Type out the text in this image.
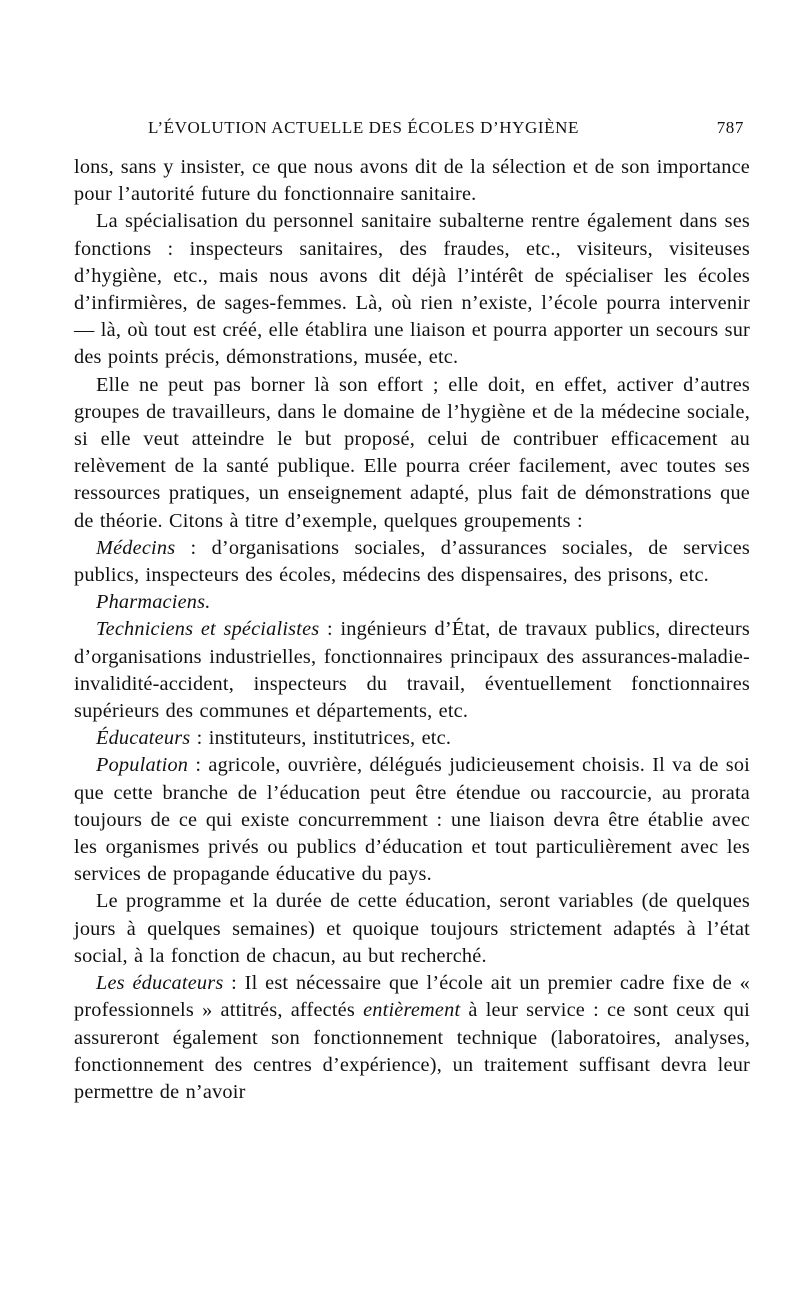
L’ÉVOLUTION ACTUELLE DES ÉCOLES D’HYGIÈNE	787

lons, sans y insister, ce que nous avons dit de la sélection et de son importance pour l’autorité future du fonctionnaire sanitaire.

La spécialisation du personnel sanitaire subalterne rentre également dans ses fonctions : inspecteurs sanitaires, des fraudes, etc., visiteurs, visiteuses d’hygiène, etc., mais nous avons dit déjà l’intérêt de spécialiser les écoles d’infirmières, de sages-femmes. Là, où rien n’existe, l’école pourra intervenir — là, où tout est créé, elle établira une liaison et pourra apporter un secours sur des points précis, démonstrations, musée, etc.

Elle ne peut pas borner là son effort ; elle doit, en effet, activer d’autres groupes de travailleurs, dans le domaine de l’hygiène et de la médecine sociale, si elle veut atteindre le but proposé, celui de contribuer efficacement au relèvement de la santé publique. Elle pourra créer facilement, avec toutes ses ressources pratiques, un enseignement adapté, plus fait de démonstrations que de théorie. Citons à titre d’exemple, quelques groupements :

Médecins : d’organisations sociales, d’assurances sociales, de services publics, inspecteurs des écoles, médecins des dispensaires, des prisons, etc.

Pharmaciens.

Techniciens et spécialistes : ingénieurs d’État, de travaux publics, directeurs d’organisations industrielles, fonctionnaires principaux des assurances-maladie-invalidité-accident, inspecteurs du travail, éventuellement fonctionnaires supérieurs des communes et départements, etc.

Éducateurs : instituteurs, institutrices, etc.

Population : agricole, ouvrière, délégués judicieusement choisis. Il va de soi que cette branche de l’éducation peut être étendue ou raccourcie, au prorata toujours de ce qui existe concurremment : une liaison devra être établie avec les organismes privés ou publics d’éducation et tout particulièrement avec les services de propagande éducative du pays.

Le programme et la durée de cette éducation, seront variables (de quelques jours à quelques semaines) et quoique toujours strictement adaptés à l’état social, à la fonction de chacun, au but recherché.

Les éducateurs : Il est nécessaire que l’école ait un premier cadre fixe de « professionnels » attitrés, affectés entièrement à leur service : ce sont ceux qui assureront également son fonctionnement technique (laboratoires, analyses, fonctionnement des centres d’expérience), un traitement suffisant devra leur permettre de n’avoir
